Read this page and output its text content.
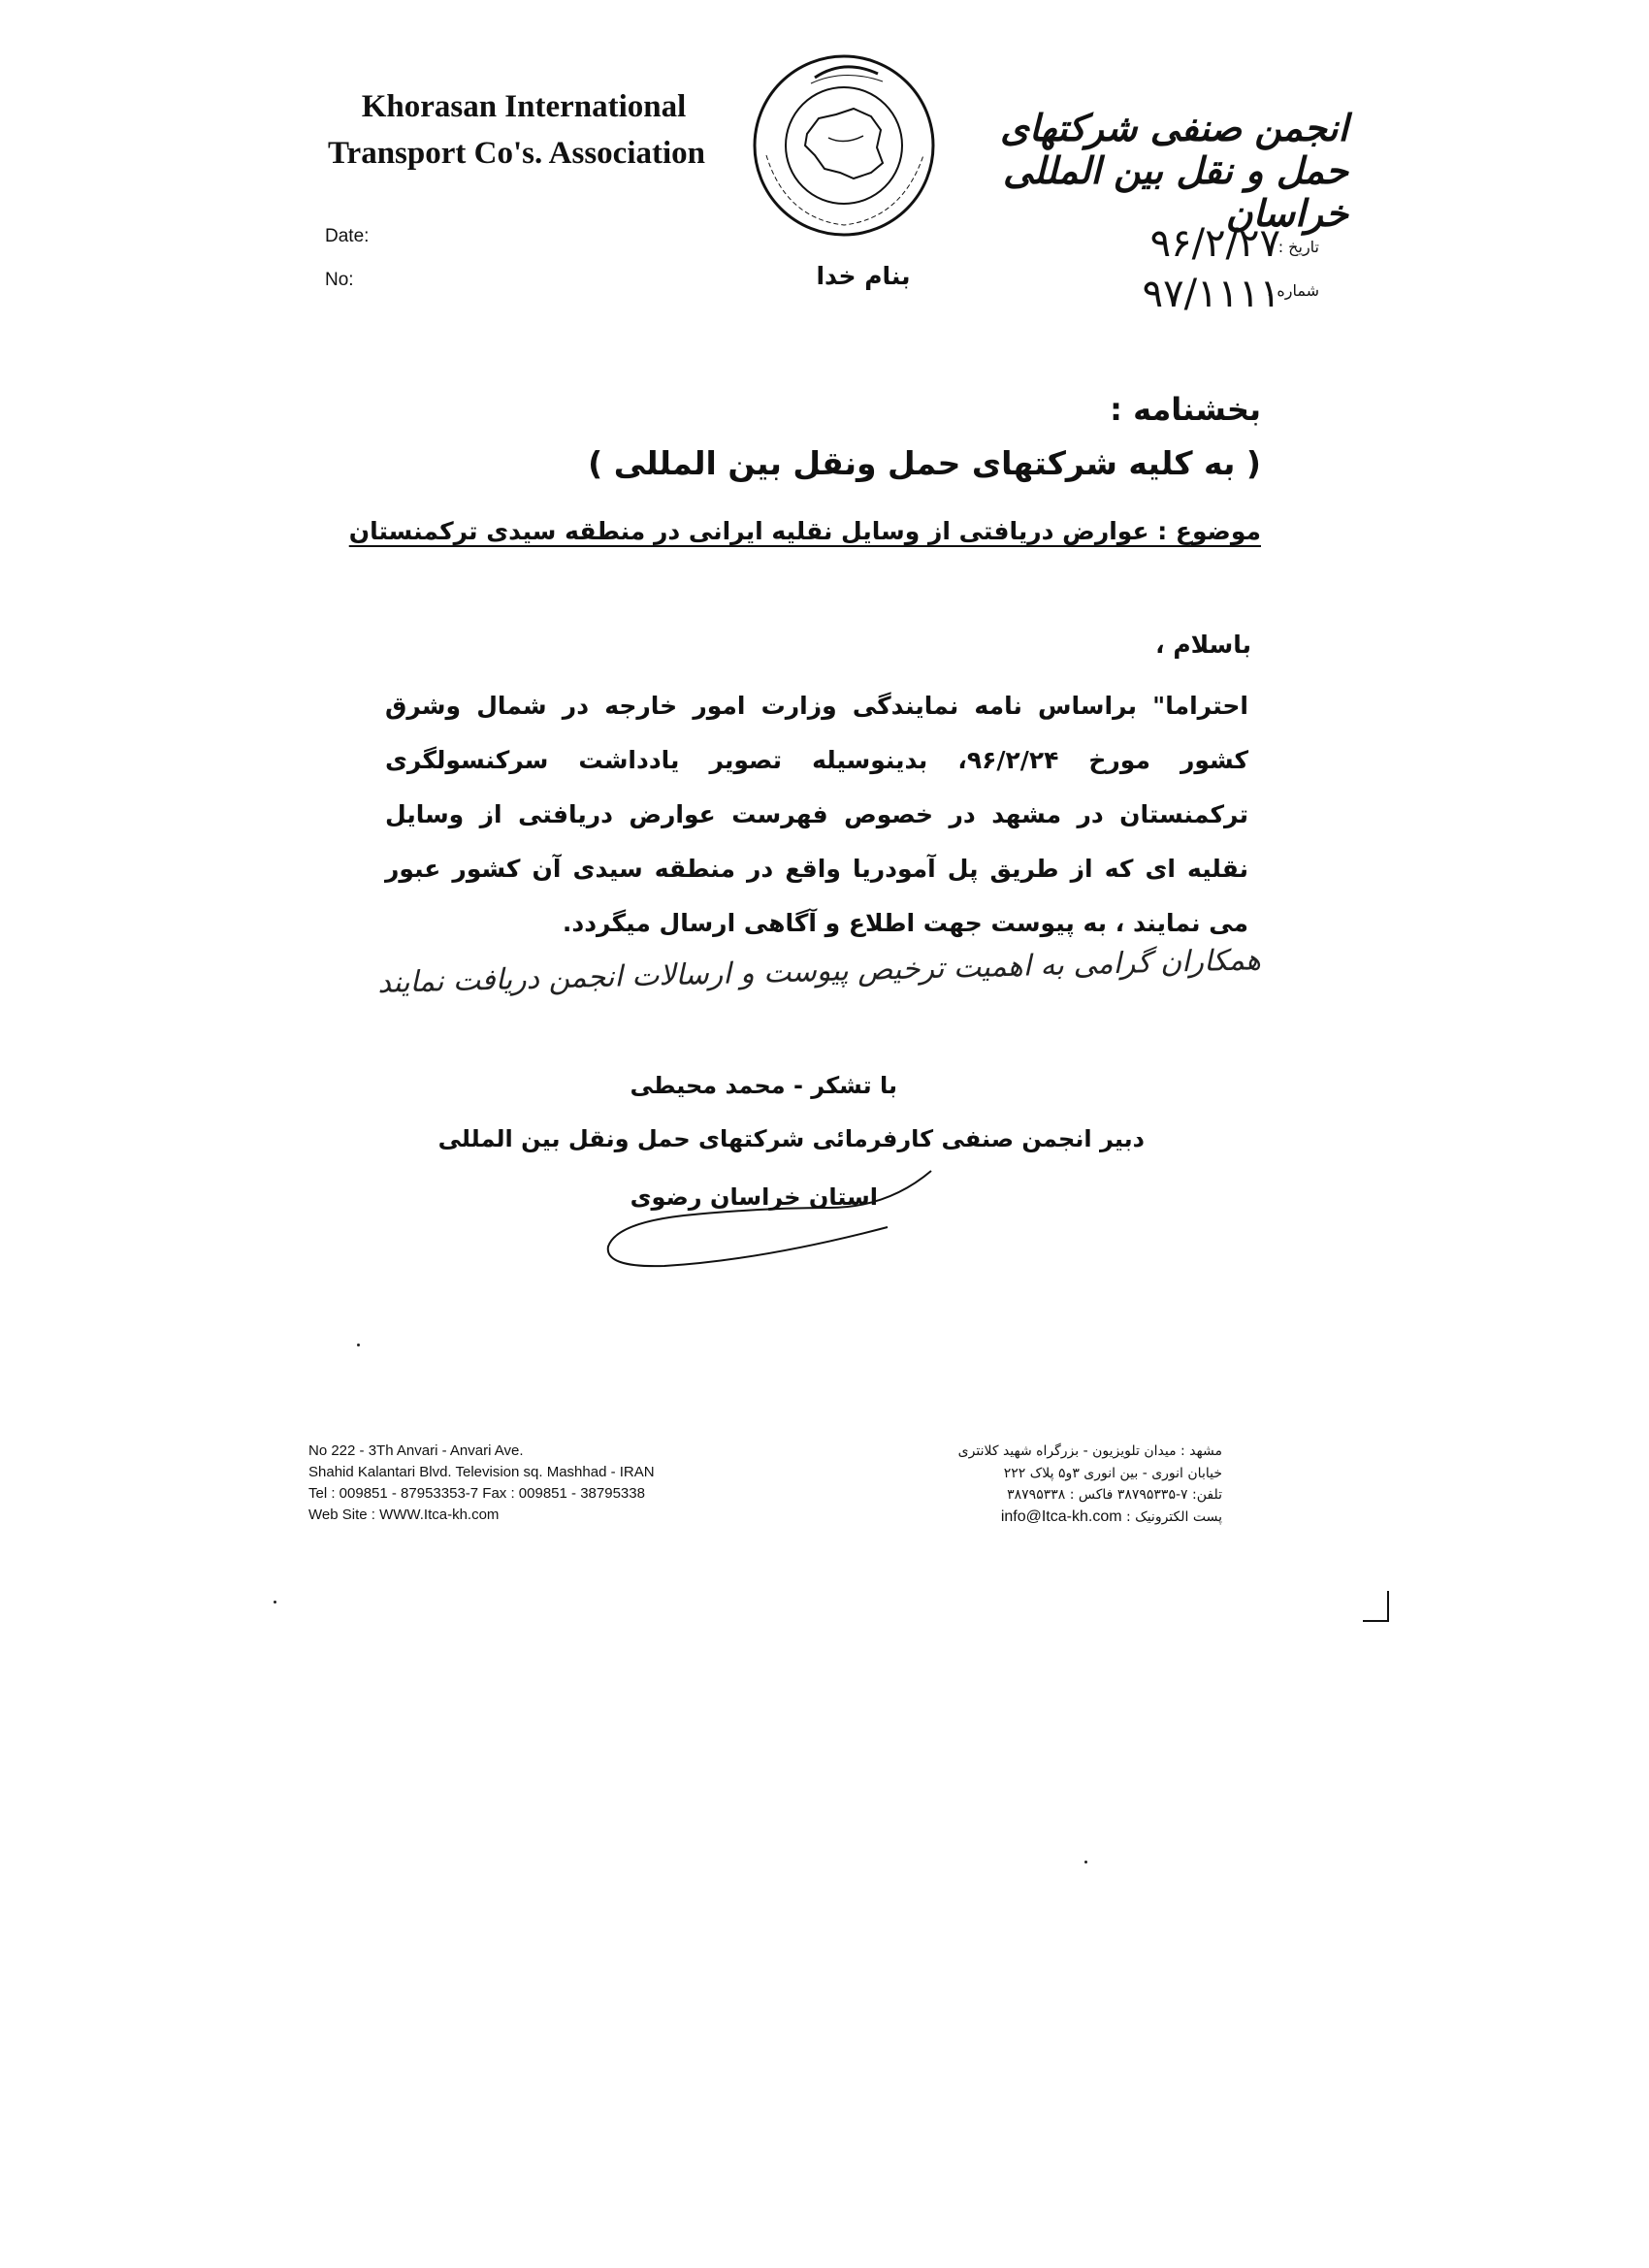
Khorasan International
Transport Co's. Association
انجمن صنفی شرکتهای حمل و نقل بین المللی خراسان
Date:
No:
تاریخ :
شماره :
۹۶/۲/۲۷
۹۷/۱۱۱۱
بنام خدا
بخشنامه :
( به کلیه شرکتهای حمل ونقل بین المللی )
موضوع : عوارض دریافتی از وسایل نقلیه ایرانی در منطقه سیدی ترکمنستان
باسلام ،
احتراما" براساس نامه نمایندگی وزارت امور خارجه در شمال وشرق کشور مورخ ۹۶/۲/۲۴، بدینوسیله تصویر یادداشت سرکنسولگری ترکمنستان در مشهد در خصوص فهرست عوارض دریافتی از وسایل نقلیه ای که از طریق پل آمودریا واقع در منطقه سیدی آن کشور عبور می نمایند ، به پیوست جهت اطلاع و آگاهی ارسال میگردد.
همکاران گرامی به اهمیت ترخیص پیوست و ارسالات انجمن دریافت نمایند
با تشکر - محمد محیطی
دبیر انجمن صنفی کارفرمائی شرکتهای حمل ونقل بین المللی
استان خراسان رضوی
No 222 - 3Th Anvari - Anvari Ave.
Shahid Kalantari Blvd. Television sq. Mashhad - IRAN
Tel : 009851 - 87953353-7 Fax : 009851 - 38795338
Web Site : WWW.Itca-kh.com
مشهد : میدان تلویزیون - بزرگراه شهید کلانتری
خیابان انوری - بین انوری ۳و۵ پلاک ۲۲۲
تلفن: ۷-۳۸۷۹۵۳۳۵ فاکس : ۳۸۷۹۵۳۳۸
پست الکترونیک : info@Itca-kh.com
